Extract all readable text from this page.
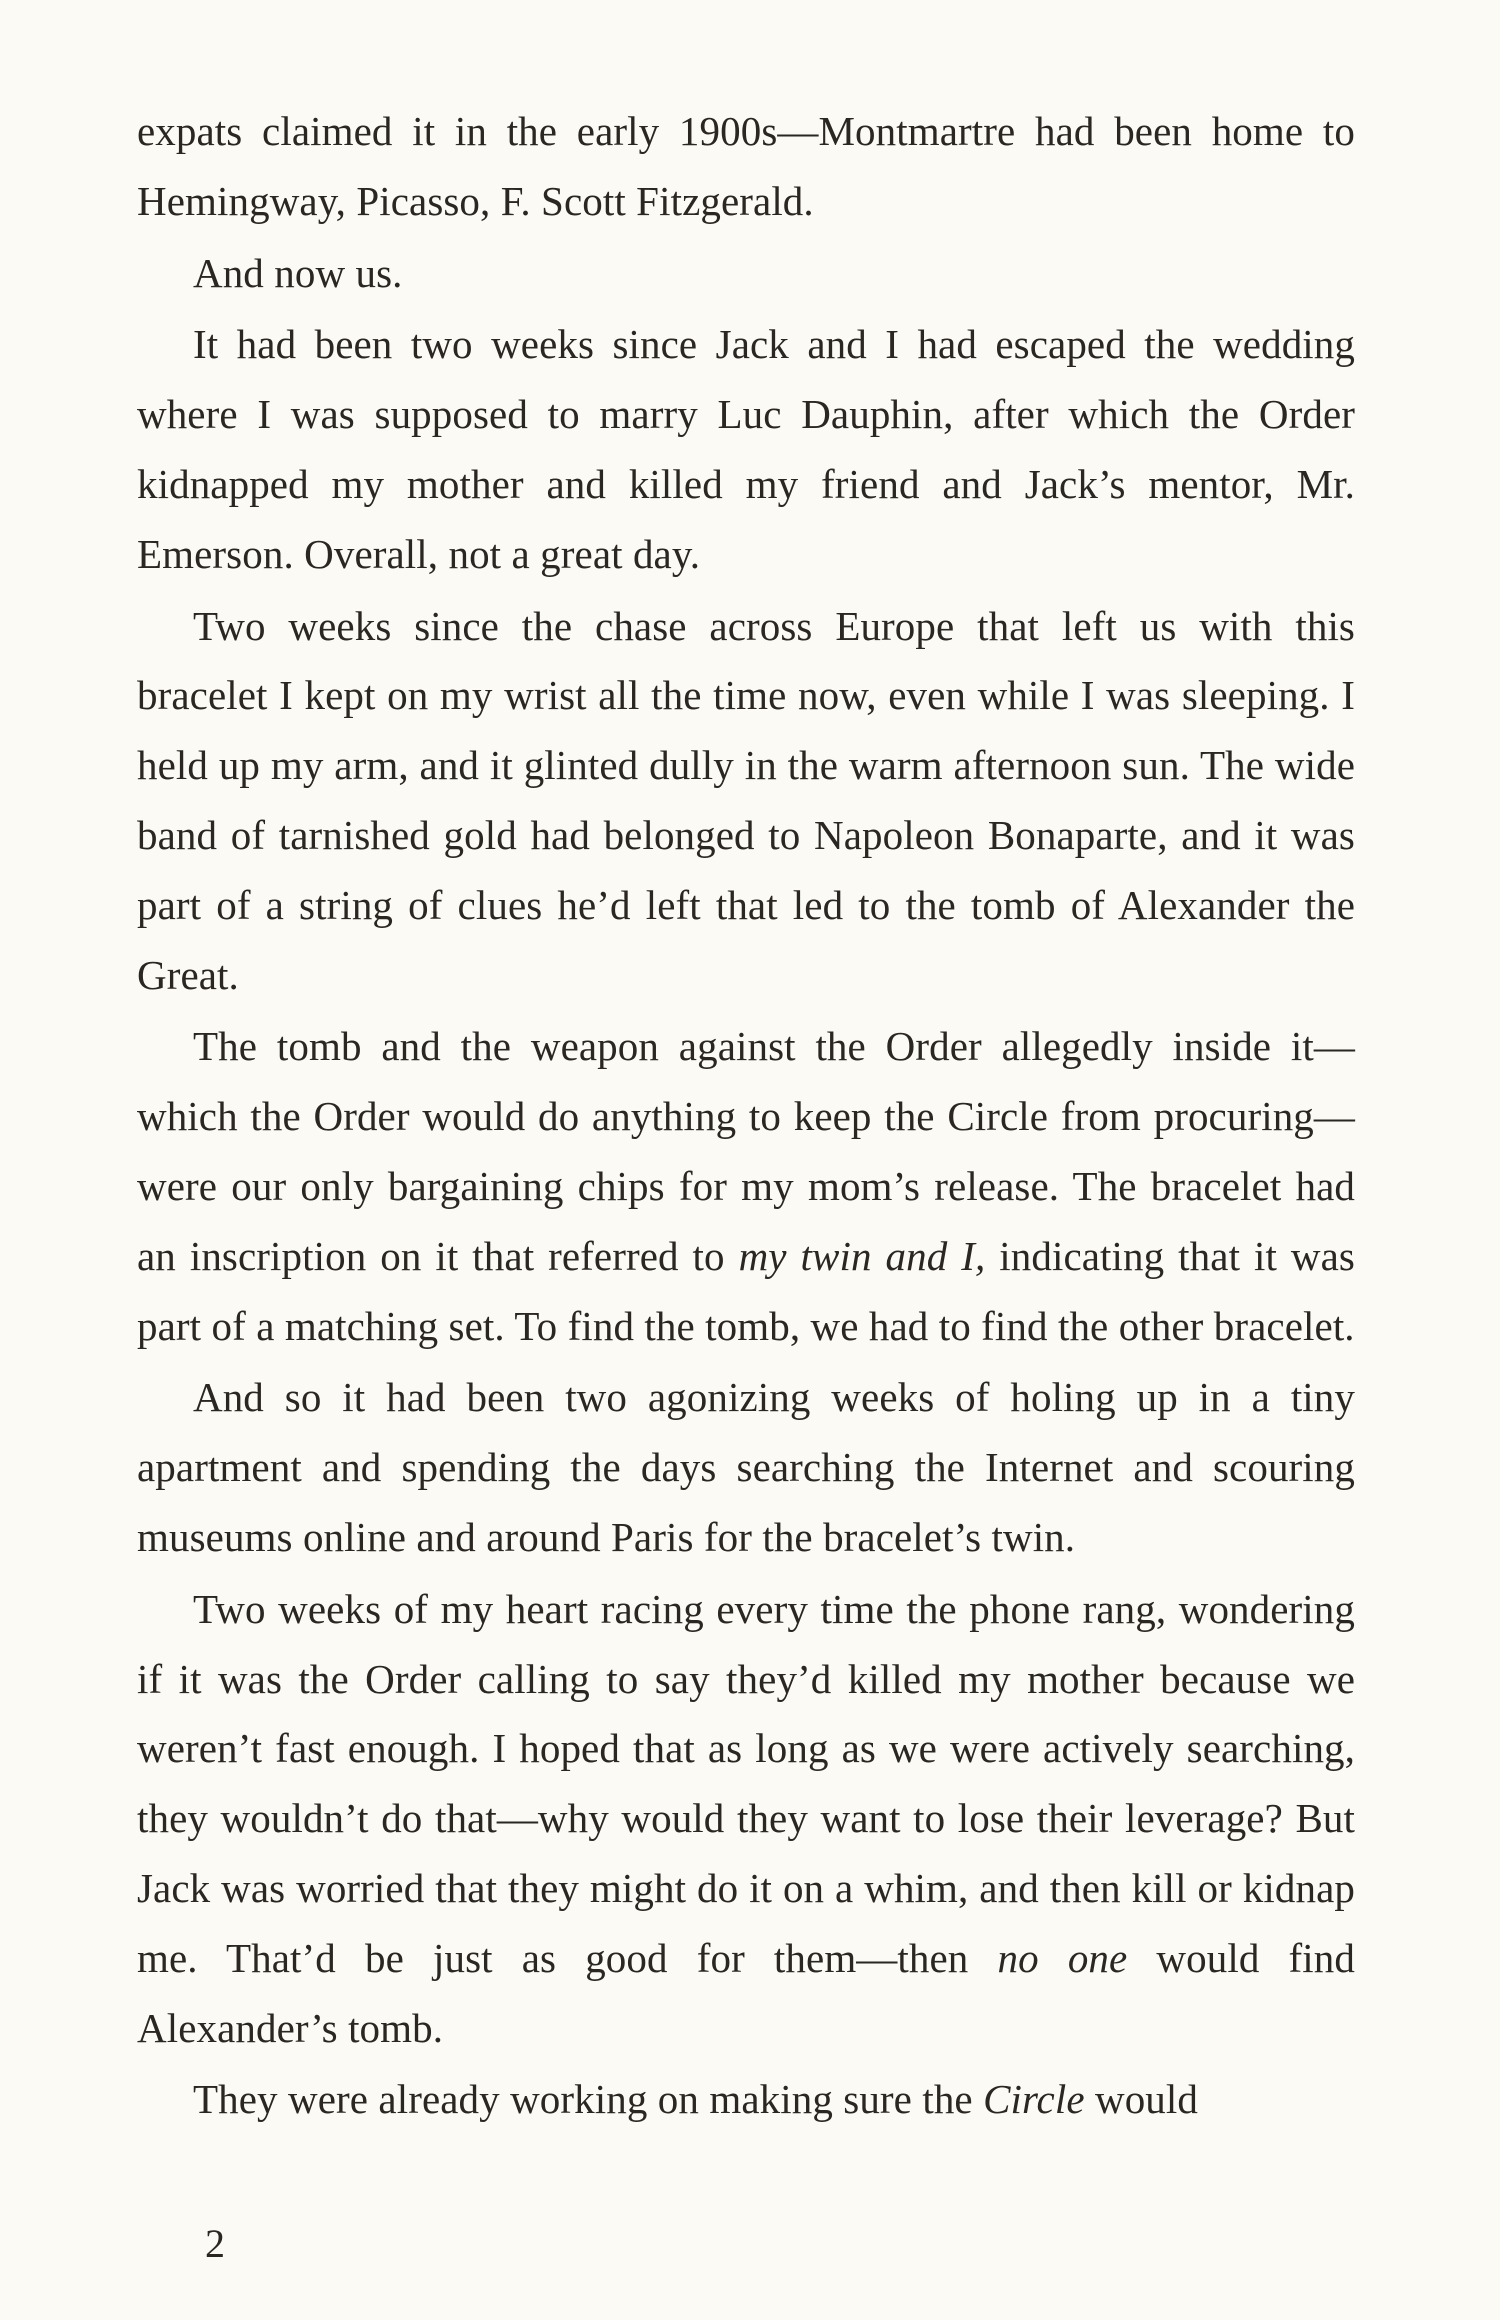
expats claimed it in the early 1900s—Montmartre had been home to Hemingway, Picasso, F. Scott Fitzgerald.

And now us.

It had been two weeks since Jack and I had escaped the wedding where I was supposed to marry Luc Dauphin, after which the Order kidnapped my mother and killed my friend and Jack’s mentor, Mr. Emerson. Overall, not a great day.

Two weeks since the chase across Europe that left us with this bracelet I kept on my wrist all the time now, even while I was sleeping. I held up my arm, and it glinted dully in the warm afternoon sun. The wide band of tarnished gold had belonged to Napoleon Bonaparte, and it was part of a string of clues he’d left that led to the tomb of Alexander the Great.

The tomb and the weapon against the Order allegedly inside it—which the Order would do anything to keep the Circle from procuring—were our only bargaining chips for my mom’s release. The bracelet had an inscription on it that referred to my twin and I, indicating that it was part of a matching set. To find the tomb, we had to find the other bracelet.

And so it had been two agonizing weeks of holing up in a tiny apartment and spending the days searching the Internet and scouring museums online and around Paris for the bracelet’s twin.

Two weeks of my heart racing every time the phone rang, wondering if it was the Order calling to say they’d killed my mother because we weren’t fast enough. I hoped that as long as we were actively searching, they wouldn’t do that—why would they want to lose their leverage? But Jack was worried that they might do it on a whim, and then kill or kidnap me. That’d be just as good for them—then no one would find Alexander’s tomb.

They were already working on making sure the Circle would

2
